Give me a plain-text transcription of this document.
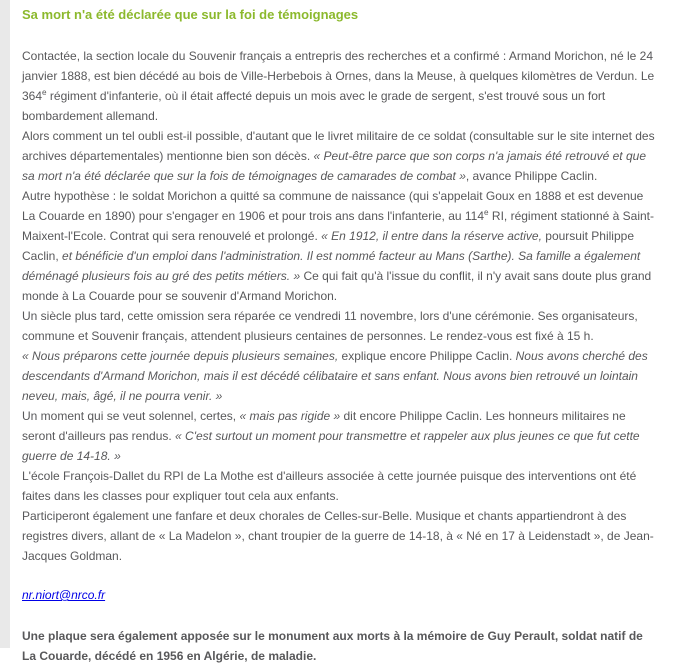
Sa mort n'a été déclarée que sur la foi de témoignages

Contactée, la section locale du Souvenir français a entrepris des recherches et a confirmé : Armand Morichon, né le 24 janvier 1888, est bien décédé au bois de Ville-Herbebois à Ornes, dans la Meuse, à quelques kilomètres de Verdun. Le 364e régiment d'infanterie, où il était affecté depuis un mois avec le grade de sergent, s'est trouvé sous un fort bombardement allemand.

Alors comment un tel oubli est-il possible, d'autant que le livret militaire de ce soldat (consultable sur le site internet des archives départementales) mentionne bien son décès. « Peut-être parce que son corps n'a jamais été retrouvé et que sa mort n'a été déclarée que sur la fois de témoignages de camarades de combat », avance Philippe Caclin.

Autre hypothèse : le soldat Morichon a quitté sa commune de naissance (qui s'appelait Goux en 1888 et est devenue La Couarde en 1890) pour s'engager en 1906 et pour trois ans dans l'infanterie, au 114e RI, régiment stationné à Saint-Maixent-l'Ecole. Contrat qui sera renouvelé et prolongé. « En 1912, il entre dans la réserve active, poursuit Philippe Caclin, et bénéficie d'un emploi dans l'administration. Il est nommé facteur au Mans (Sarthe). Sa famille a également déménagé plusieurs fois au gré des petits métiers. » Ce qui fait qu'à l'issue du conflit, il n'y avait sans doute plus grand monde à La Couarde pour se souvenir d'Armand Morichon.

Un siècle plus tard, cette omission sera réparée ce vendredi 11 novembre, lors d'une cérémonie. Ses organisateurs, commune et Souvenir français, attendent plusieurs centaines de personnes. Le rendez-vous est fixé à 15 h.

« Nous préparons cette journée depuis plusieurs semaines, explique encore Philippe Caclin. Nous avons cherché des descendants d'Armand Morichon, mais il est décédé célibataire et sans enfant. Nous avons bien retrouvé un lointain neveu, mais, âgé, il ne pourra venir. »

Un moment qui se veut solennel, certes, « mais pas rigide » dit encore Philippe Caclin. Les honneurs militaires ne seront d'ailleurs pas rendus. « C'est surtout un moment pour transmettre et rappeler aux plus jeunes ce que fut cette guerre de 14-18. »

L'école François-Dallet du RPI de La Mothe est d'ailleurs associée à cette journée puisque des interventions ont été faites dans les classes pour expliquer tout cela aux enfants.

Participeront également une fanfare et deux chorales de Celles-sur-Belle. Musique et chants appartiendront à des registres divers, allant de « La Madelon », chant troupier de la guerre de 14-18, à « Né en 17 à Leidenstadt », de Jean-Jacques Goldman.

nr.niort@nrco.fr

Une plaque sera également apposée sur le monument aux morts à la mémoire de Guy Perault, soldat natif de La Couarde, décédé en 1956 en Algérie, de maladie.
